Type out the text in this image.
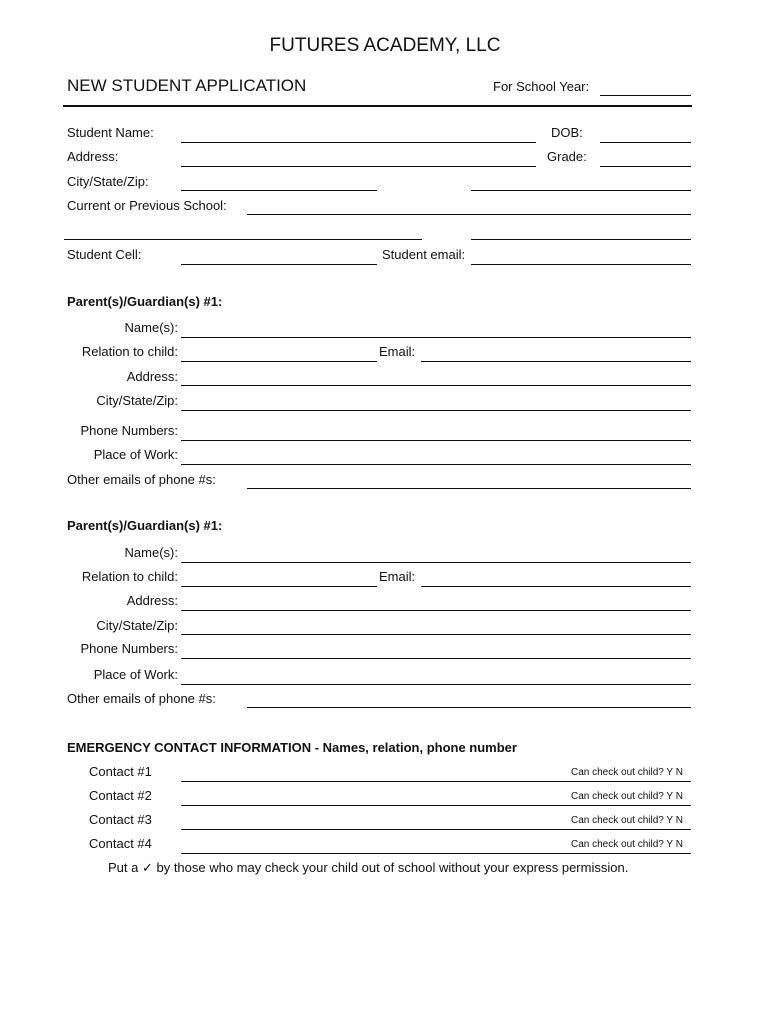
FUTURES ACADEMY, LLC
NEW STUDENT APPLICATION	For School Year:
Student Name:	DOB:
Address:	Grade:
City/State/Zip:
Current or Previous School:
Student Cell:	Student email:
Parent(s)/Guardian(s) #1:
Name(s):
Relation to child:	Email:
Address:
City/State/Zip:
Phone Numbers:
Place of Work:
Other emails of phone #s:
Parent(s)/Guardian(s) #1:
Name(s):
Relation to child:	Email:
Address:
City/State/Zip:
Phone Numbers:
Place of Work:
Other emails of phone #s:
EMERGENCY CONTACT INFORMATION - Names, relation, phone number
Contact #1	Can check out child? Y N
Contact #2	Can check out child? Y N
Contact #3	Can check out child? Y N
Contact #4	Can check out child? Y N
Put a ✓ by those who may check your child out of school without your express permission.
